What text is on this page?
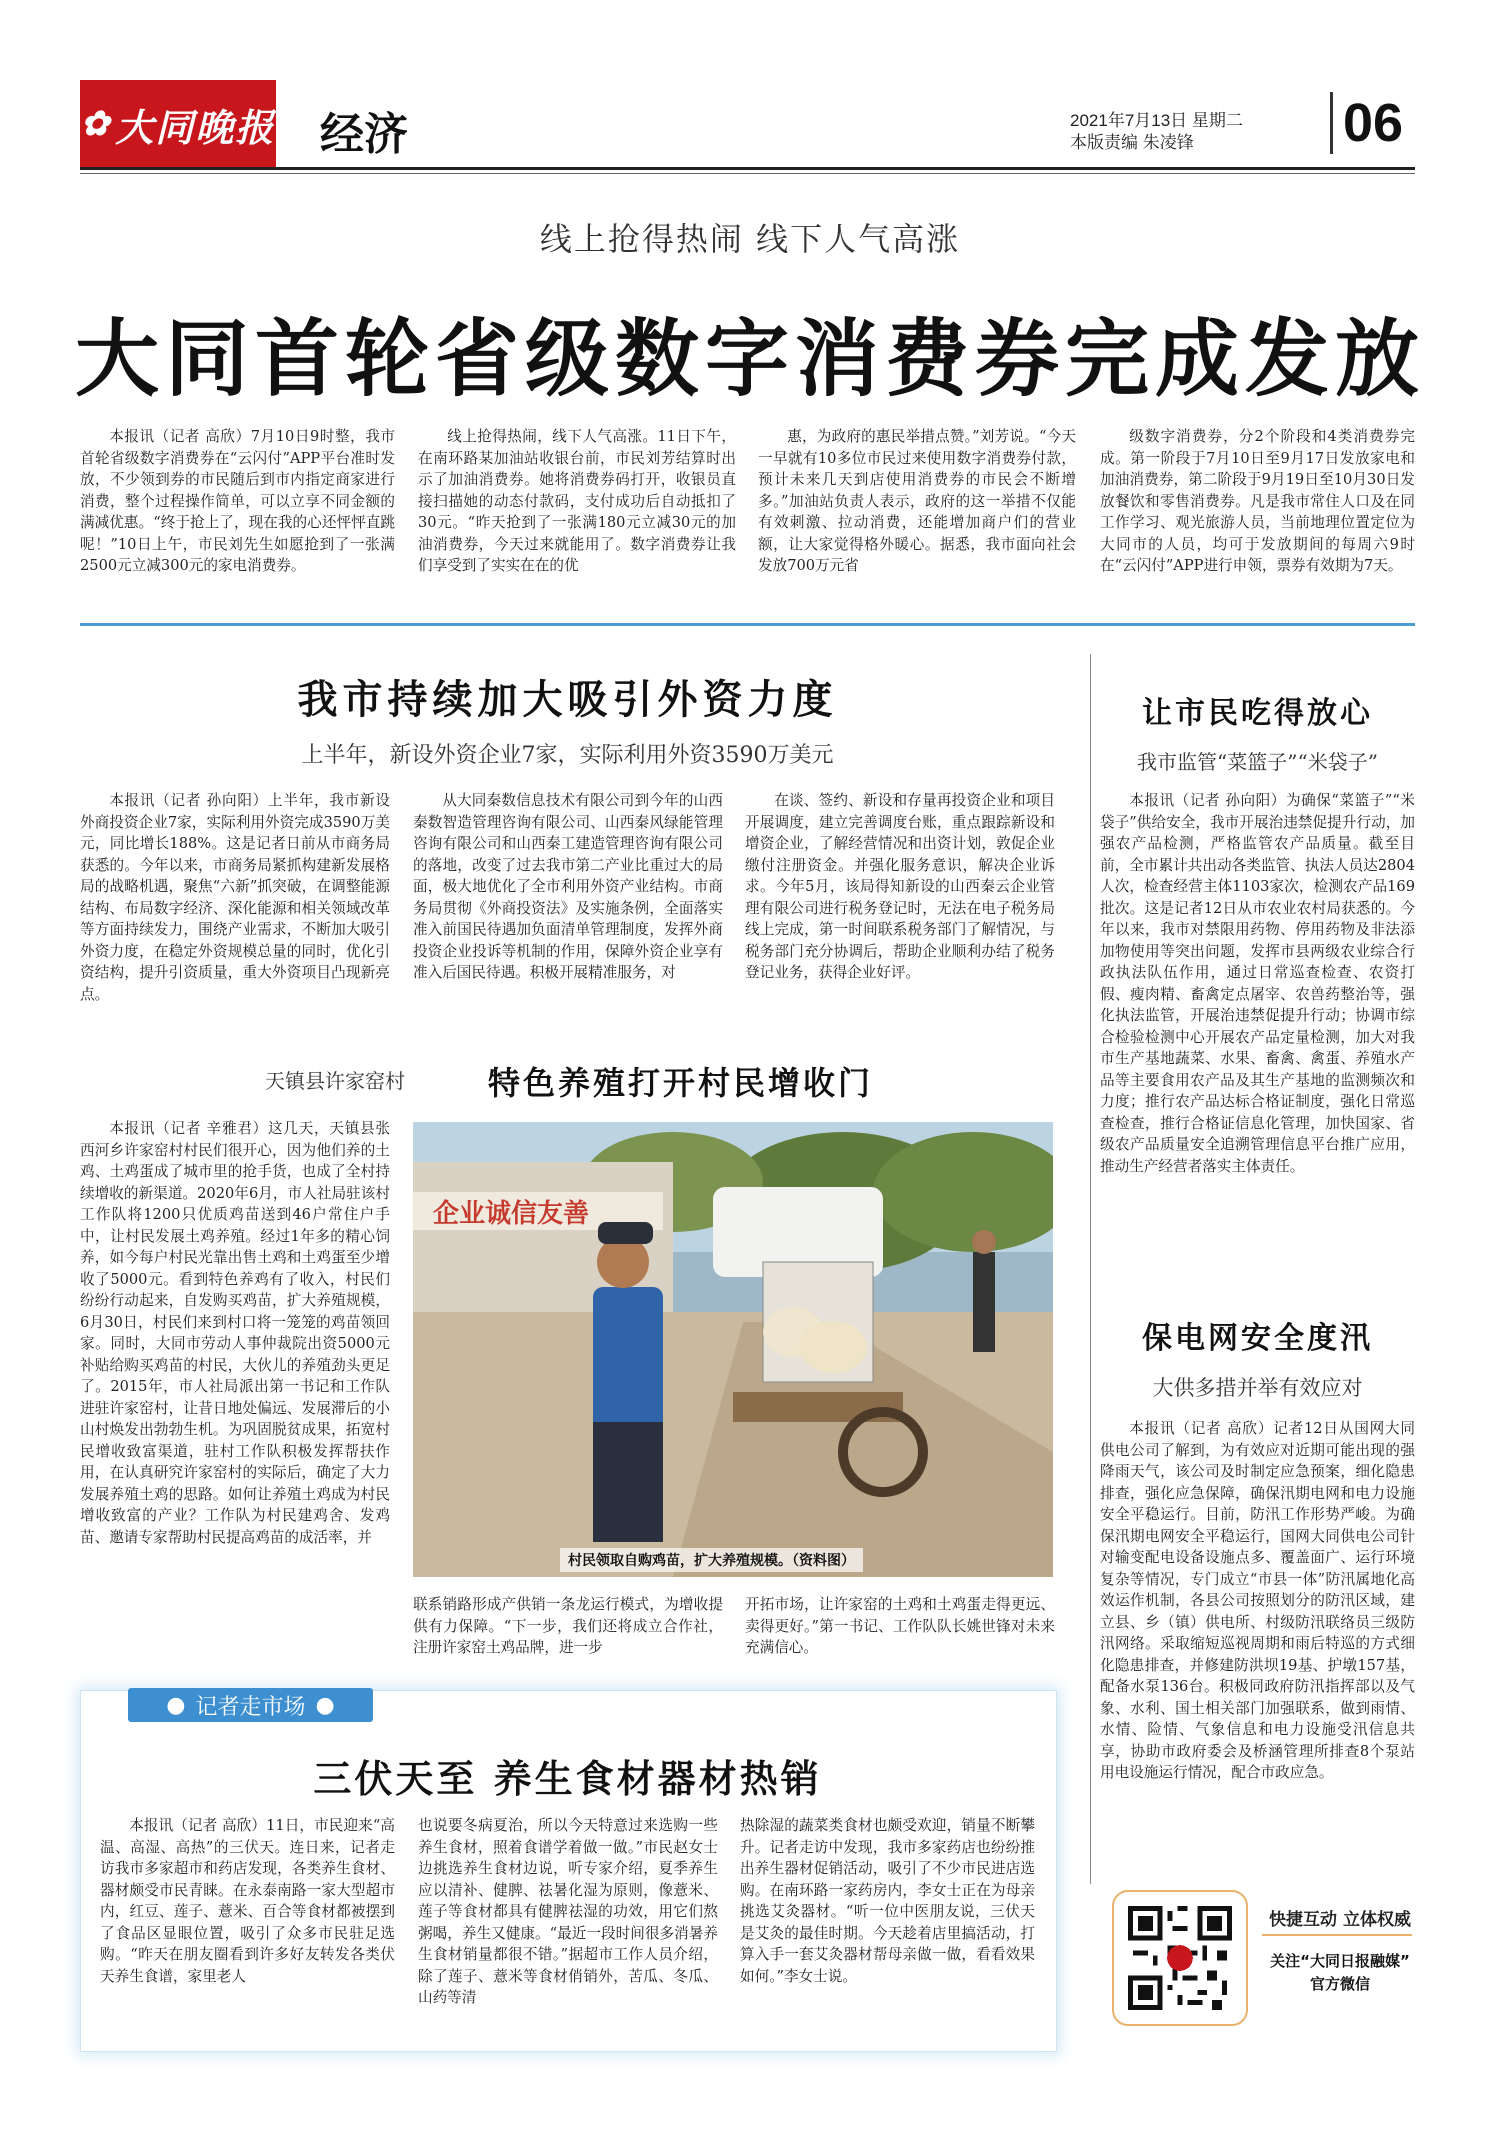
✿ 大同晚报 经济	2021年7月13日 星期二
本版责编 朱凌锋	06
线上抢得热闹 线下人气高涨
大同首轮省级数字消费券完成发放

本报讯（记者 高欣）7月10日9时整，我市首轮省级数字消费券在“云闪付”APP平台准时发放，不少领到券的市民随后到市内指定商家进行消费，整个过程操作简单，可以立享不同金额的满减优惠。“终于抢上了，现在我的心还怦怦直跳呢！”10日上午，市民刘先生如愿抢到了一张满2500元立减300元的家电消费券。

线上抢得热闹，线下人气高涨。11日下午，在南环路某加油站收银台前，市民刘芳结算时出示了加油消费券。她将消费券码打开，收银员直接扫描她的动态付款码，支付成功后自动抵扣了30元。“昨天抢到了一张满180元立减30元的加油消费券，今天过来就能用了。数字消费券让我们享受到了实实在在的优

惠，为政府的惠民举措点赞。”刘芳说。“今天一早就有10多位市民过来使用数字消费券付款，预计未来几天到店使用消费券的市民会不断增多。”加油站负责人表示，政府的这一举措不仅能有效刺激、拉动消费，还能增加商户们的营业额，让大家觉得格外暖心。据悉，我市面向社会发放700万元省

级数字消费券，分2个阶段和4类消费券完成。第一阶段于7月10日至9月17日发放家电和加油消费券，第二阶段于9月19日至10月30日发放餐饮和零售消费券。凡是我市常住人口及在同工作学习、观光旅游人员，当前地理位置定位为大同市的人员，均可于发放期间的每周六9时在“云闪付”APP进行申领，票券有效期为7天。

我市持续加大吸引外资力度
上半年，新设外资企业7家，实际利用外资3590万美元

本报讯（记者 孙向阳）上半年，我市新设外商投资企业7家，实际利用外资完成3590万美元，同比增长188%。这是记者日前从市商务局获悉的。今年以来，市商务局紧抓构建新发展格局的战略机遇，聚焦“六新”抓突破，在调整能源结构、布局数字经济、深化能源和相关领域改革等方面持续发力，围绕产业需求，不断加大吸引外资力度，在稳定外资规模总量的同时，优化引资结构，提升引资质量，重大外资项目凸现新亮点。

从大同秦数信息技术有限公司到今年的山西秦数智造管理咨询有限公司、山西秦风绿能管理咨询有限公司和山西秦工建造管理咨询有限公司的落地，改变了过去我市第二产业比重过大的局面，极大地优化了全市利用外资产业结构。市商务局贯彻《外商投资法》及实施条例，全面落实准入前国民待遇加负面清单管理制度，发挥外商投资企业投诉等机制的作用，保障外资企业享有准入后国民待遇。积极开展精准服务，对

在谈、签约、新设和存量再投资企业和项目开展调度，建立完善调度台账，重点跟踪新设和增资企业，了解经营情况和出资计划，敦促企业缴付注册资金。并强化服务意识，解决企业诉求。今年5月，该局得知新设的山西秦云企业管理有限公司进行税务登记时，无法在电子税务局线上完成，第一时间联系税务部门了解情况，与税务部门充分协调后，帮助企业顺利办结了税务登记业务，获得企业好评。

天镇县许家窑村	特色养殖打开村民增收门

本报讯（记者 辛雅君）这几天，天镇县张西河乡许家窑村村民们很开心，因为他们养的土鸡、土鸡蛋成了城市里的抢手货，也成了全村持续增收的新渠道。2020年6月，市人社局驻该村工作队将1200只优质鸡苗送到46户常住户手中，让村民发展土鸡养殖。经过1年多的精心饲养，如今每户村民光靠出售土鸡和土鸡蛋至少增收了5000元。看到特色养鸡有了收入，村民们纷纷行动起来，自发购买鸡苗，扩大养殖规模，6月30日，村民们来到村口将一笼笼的鸡苗领回家。同时，大同市劳动人事仲裁院出资5000元补贴给购买鸡苗的村民，大伙儿的养殖劲头更足了。2015年，市人社局派出第一书记和工作队进驻许家窑村，让昔日地处偏远、发展滞后的小山村焕发出勃勃生机。为巩固脱贫成果，拓宽村民增收致富渠道，驻村工作队积极发挥帮扶作用，在认真研究许家窑村的实际后，确定了大力发展养殖土鸡的思路。如何让养殖土鸡成为村民增收致富的产业？工作队为村民建鸡舍、发鸡苗、邀请专家帮助村民提高鸡苗的成活率，并

联系销路形成产供销一条龙运行模式，为增收提供有力保障。“下一步，我们还将成立合作社，注册许家窑土鸡品牌，进一步

开拓市场，让许家窑的土鸡和土鸡蛋走得更远、卖得更好。”第一书记、工作队队长姚世锋对未来充满信心。

企业诚信友善
村民领取自购鸡苗，扩大养殖规模。（资料图）
● 记者走市场 ●
三伏天至 养生食材器材热销

本报讯（记者 高欣）11日，市民迎来“高温、高湿、高热”的三伏天。连日来，记者走访我市多家超市和药店发现，各类养生食材、器材颇受市民青睐。在永泰南路一家大型超市内，红豆、莲子、薏米、百合等食材都被摆到了食品区显眼位置，吸引了众多市民驻足选购。“昨天在朋友圈看到许多好友转发各类伏天养生食谱，家里老人

也说要冬病夏治，所以今天特意过来选购一些养生食材，照着食谱学着做一做。”市民赵女士边挑选养生食材边说，听专家介绍，夏季养生应以清补、健脾、祛暑化湿为原则，像薏米、莲子等食材都具有健脾祛湿的功效，用它们熬粥喝，养生又健康。“最近一段时间很多消暑养生食材销量都很不错。”据超市工作人员介绍，除了莲子、薏米等食材俏销外，苦瓜、冬瓜、山药等清

热除湿的蔬菜类食材也颇受欢迎，销量不断攀升。记者走访中发现，我市多家药店也纷纷推出养生器材促销活动，吸引了不少市民进店选购。在南环路一家药房内，李女士正在为母亲挑选艾灸器材。“听一位中医朋友说，三伏天是艾灸的最佳时期。今天趁着店里搞活动，打算入手一套艾灸器材帮母亲做一做，看看效果如何。”李女士说。

让市民吃得放心
我市监管“菜篮子”“米袋子”

本报讯（记者 孙向阳）为确保“菜篮子”“米袋子”供给安全，我市开展治违禁促提升行动，加强农产品检测，严格监管农产品质量。截至目前，全市累计共出动各类监管、执法人员达2804人次，检查经营主体1103家次，检测农产品169批次。这是记者12日从市农业农村局获悉的。今年以来，我市对禁限用药物、停用药物及非法添加物使用等突出问题，发挥市县两级农业综合行政执法队伍作用，通过日常巡查检查、农资打假、瘦肉精、畜禽定点屠宰、农兽药整治等，强化执法监管，开展治违禁促提升行动；协调市综合检验检测中心开展农产品定量检测，加大对我市生产基地蔬菜、水果、畜禽、禽蛋、养殖水产品等主要食用农产品及其生产基地的监测频次和力度；推行农产品达标合格证制度，强化日常巡查检查，推行合格证信息化管理，加快国家、省级农产品质量安全追溯管理信息平台推广应用，推动生产经营者落实主体责任。

保电网安全度汛
大供多措并举有效应对

本报讯（记者 高欣）记者12日从国网大同供电公司了解到，为有效应对近期可能出现的强降雨天气，该公司及时制定应急预案，细化隐患排查，强化应急保障，确保汛期电网和电力设施安全平稳运行。目前，防汛工作形势严峻。为确保汛期电网安全平稳运行，国网大同供电公司针对输变配电设备设施点多、覆盖面广、运行环境复杂等情况，专门成立“市县一体”防汛属地化高效运作机制，各县公司按照划分的防汛区域，建立县、乡（镇）供电所、村级防汛联络员三级防汛网络。采取缩短巡视周期和雨后特巡的方式细化隐患排查，并修建防洪坝19基、护墩157基，配备水泵136台。积极同政府防汛指挥部以及气象、水利、国土相关部门加强联系，做到雨情、水情、险情、气象信息和电力设施受汛信息共享，协助市政府委会及桥涵管理所排查8个泵站用电设施运行情况，配合市政应急。

快捷互动 立体权威
关注“大同日报融媒”
官方微信
